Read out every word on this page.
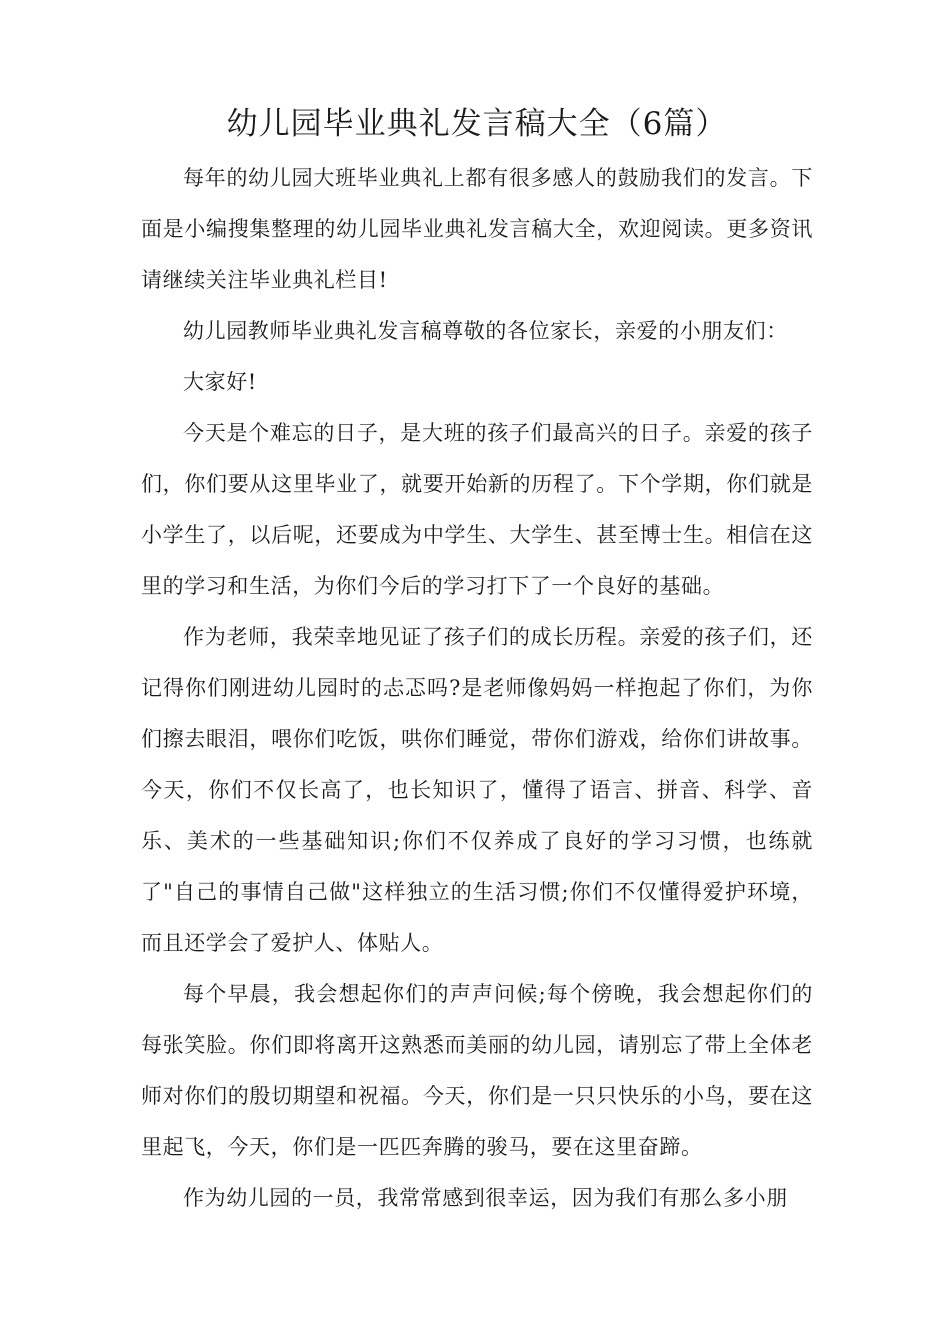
幼儿园毕业典礼发言稿大全（6篇）

每年的幼儿园大班毕业典礼上都有很多感人的鼓励我们的发言。下面是小编搜集整理的幼儿园毕业典礼发言稿大全，欢迎阅读。更多资讯请继续关注毕业典礼栏目!

幼儿园教师毕业典礼发言稿尊敬的各位家长，亲爱的小朋友们：

大家好!

今天是个难忘的日子，是大班的孩子们最高兴的日子。亲爱的孩子们，你们要从这里毕业了，就要开始新的历程了。下个学期，你们就是小学生了，以后呢，还要成为中学生、大学生、甚至博士生。相信在这里的学习和生活，为你们今后的学习打下了一个良好的基础。

作为老师，我荣幸地见证了孩子们的成长历程。亲爱的孩子们，还记得你们刚进幼儿园时的忐忑吗?是老师像妈妈一样抱起了你们，为你们擦去眼泪，喂你们吃饭，哄你们睡觉，带你们游戏，给你们讲故事。今天，你们不仅长高了，也长知识了，懂得了语言、拼音、科学、音乐、美术的一些基础知识;你们不仅养成了良好的学习习惯，也练就了"自己的事情自己做"这样独立的生活习惯;你们不仅懂得爱护环境，而且还学会了爱护人、体贴人。

每个早晨，我会想起你们的声声问候;每个傍晚，我会想起你们的每张笑脸。你们即将离开这熟悉而美丽的幼儿园，请别忘了带上全体老师对你们的殷切期望和祝福。今天，你们是一只只快乐的小鸟，要在这里起飞，今天，你们是一匹匹奔腾的骏马，要在这里奋蹄。

作为幼儿园的一员，我常常感到很幸运，因为我们有那么多小朋
